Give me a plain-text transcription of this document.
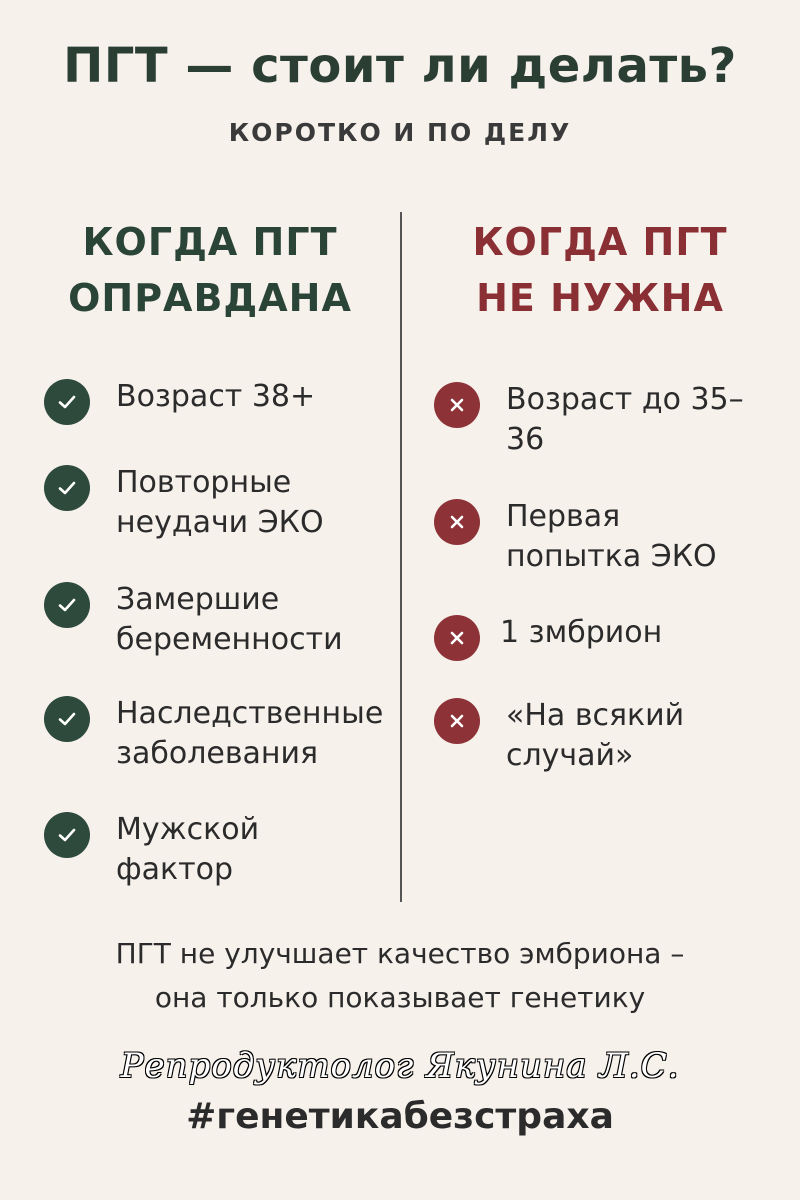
ПГТ — стоит ли делать?
КОРОТКО И ПО ДЕЛУ
КОГДА ПГТ
ОПРАВДАНА
КОГДА ПГТ
НЕ НУЖНА
Возраст 38+
Повторные
неудачи ЭКО
Замершие
беременности
Наследственные
заболевания
Мужской
фактор
Возраст до 35–
36
Первая
попытка ЭКО
1 змбрион
«На всякий
случай»
ПГТ не улучшает качество эмбриона –
она только показывает генетику
Репродуктолог Якунина Л.С.
#генетикабезстраха
